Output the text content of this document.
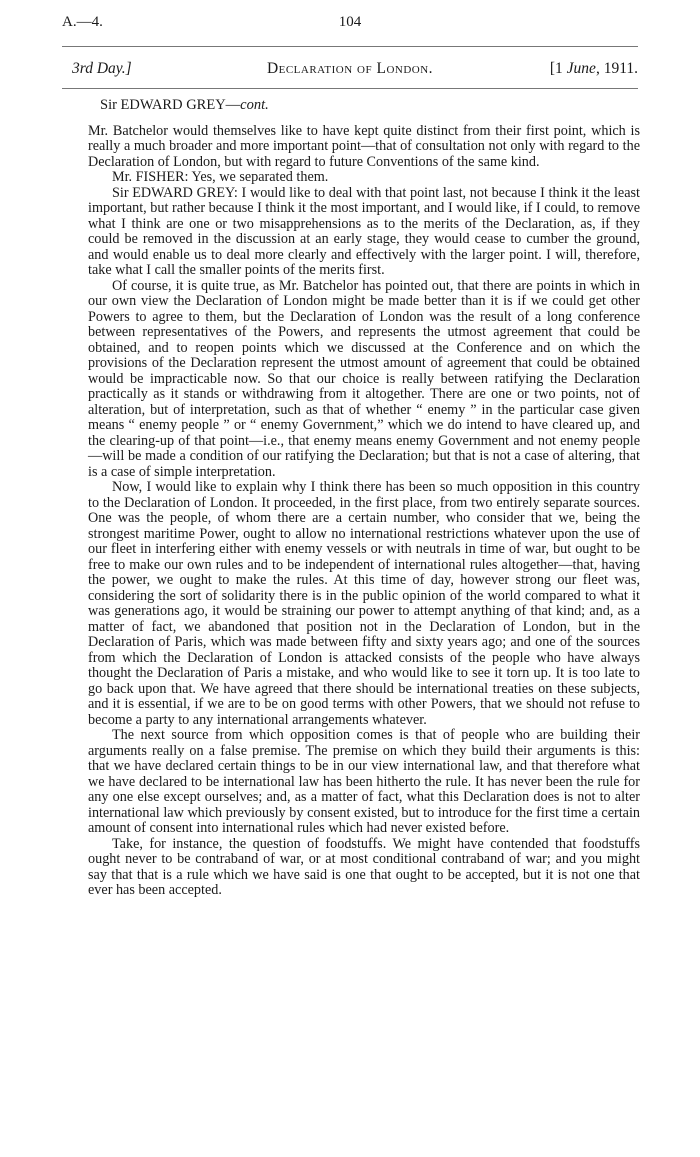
A.—4.	104
3rd Day.]	Declaration of London.	[1 June, 1911.
Sir EDWARD GREY—cont.

Mr. Batchelor would themselves like to have kept quite distinct from their first point, which is really a much broader and more important point—that of consultation not only with regard to the Declaration of London, but with regard to future Conventions of the same kind.

Mr. FISHER: Yes, we separated them.

Sir EDWARD GREY: I would like to deal with that point last, not because I think it the least important, but rather because I think it the most important, and I would like, if I could, to remove what I think are one or two misapprehensions as to the merits of the Declaration, as, if they could be removed in the discussion at an early stage, they would cease to cumber the ground, and would enable us to deal more clearly and effectively with the larger point. I will, therefore, take what I call the smaller points of the merits first.

Of course, it is quite true, as Mr. Batchelor has pointed out, that there are points in which in our own view the Declaration of London might be made better than it is if we could get other Powers to agree to them, but the Declaration of London was the result of a long conference between representatives of the Powers, and represents the utmost agreement that could be obtained, and to reopen points which we discussed at the Conference and on which the provisions of the Declaration represent the utmost amount of agreement that could be obtained would be impracticable now. So that our choice is really between ratifying the Declaration practically as it stands or withdrawing from it altogether. There are one or two points, not of alteration, but of interpretation, such as that of whether “ enemy ” in the particular case given means “ enemy people ” or “ enemy Government,” which we do intend to have cleared up, and the clearing-up of that point—i.e., that enemy means enemy Government and not enemy people—will be made a condition of our ratifying the Declaration; but that is not a case of altering, that is a case of simple interpretation.

Now, I would like to explain why I think there has been so much opposition in this country to the Declaration of London. It proceeded, in the first place, from two entirely separate sources. One was the people, of whom there are a certain number, who consider that we, being the strongest maritime Power, ought to allow no international restrictions whatever upon the use of our fleet in interfering either with enemy vessels or with neutrals in time of war, but ought to be free to make our own rules and to be independent of international rules altogether—that, having the power, we ought to make the rules. At this time of day, however strong our fleet was, considering the sort of solidarity there is in the public opinion of the world compared to what it was generations ago, it would be straining our power to attempt anything of that kind; and, as a matter of fact, we abandoned that position not in the Declaration of London, but in the Declaration of Paris, which was made between fifty and sixty years ago; and one of the sources from which the Declaration of London is attacked consists of the people who have always thought the Declaration of Paris a mistake, and who would like to see it torn up. It is too late to go back upon that. We have agreed that there should be international treaties on these subjects, and it is essential, if we are to be on good terms with other Powers, that we should not refuse to become a party to any international arrangements whatever.

The next source from which opposition comes is that of people who are building their arguments really on a false premise. The premise on which they build their arguments is this: that we have declared certain things to be in our view international law, and that therefore what we have declared to be international law has been hitherto the rule. It has never been the rule for any one else except ourselves; and, as a matter of fact, what this Declaration does is not to alter international law which previously by consent existed, but to introduce for the first time a certain amount of consent into international rules which had never existed before.

Take, for instance, the question of foodstuffs. We might have contended that foodstuffs ought never to be contraband of war, or at most conditional contraband of war; and you might say that that is a rule which we have said is one that ought to be accepted, but it is not one that ever has been accepted.
